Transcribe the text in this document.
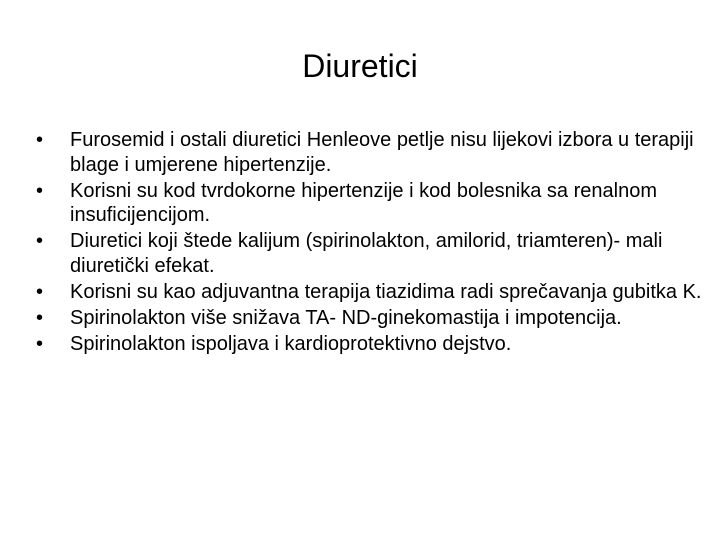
Diuretici
•	Furosemid i ostali diuretici Henleove petlje nisu lijekovi izbora u terapiji blage i umjerene hipertenzije.
•	Korisni su kod tvrdokorne hipertenzije i kod bolesnika sa renalnom insuficijencijom.
•	Diuretici koji štede kalijum (spirinolakton, amilorid, triamteren)- mali diuretički efekat.
•	Korisni su kao adjuvantna terapija tiazidima radi sprečavanja gubitka K.
•	Spirinolakton više snižava TA- ND-ginekomastija i impotencija.
•	Spirinolakton ispoljava i kardioprotektivno dejstvo.
